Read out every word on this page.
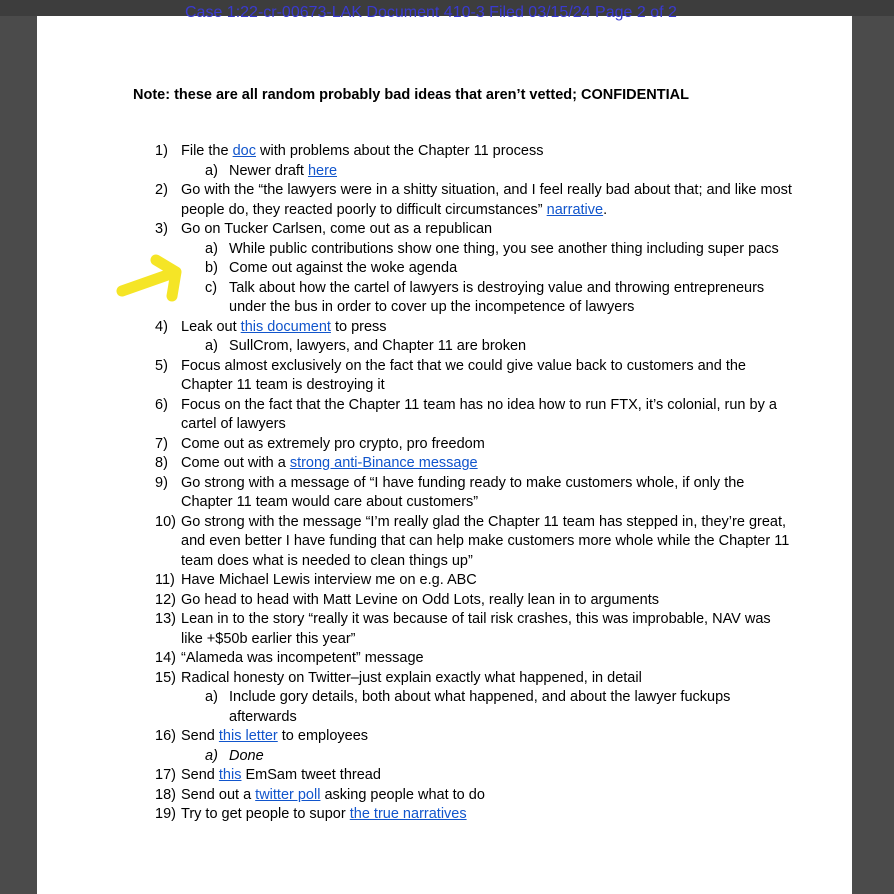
Case 1:22-cr-00673-LAK Document 410-3 Filed 03/15/24 Page 2 of 2
Note: these are all random probably bad ideas that aren’t vetted; CONFIDENTIAL
1) File the doc with problems about the Chapter 11 process
a) Newer draft here
2) Go with the “the lawyers were in a shitty situation, and I feel really bad about that; and like most people do, they reacted poorly to difficult circumstances” narrative.
3) Go on Tucker Carlsen, come out as a republican
a) While public contributions show one thing, you see another thing including super pacs
b) Come out against the woke agenda
c) Talk about how the cartel of lawyers is destroying value and throwing entrepreneurs under the bus in order to cover up the incompetence of lawyers
4) Leak out this document to press
a) SullCrom, lawyers, and Chapter 11 are broken
5) Focus almost exclusively on the fact that we could give value back to customers and the Chapter 11 team is destroying it
6) Focus on the fact that the Chapter 11 team has no idea how to run FTX, it’s colonial, run by a cartel of lawyers
7) Come out as extremely pro crypto, pro freedom
8) Come out with a strong anti-Binance message
9) Go strong with a message of “I have funding ready to make customers whole, if only the Chapter 11 team would care about customers”
10) Go strong with the message “I’m really glad the Chapter 11 team has stepped in, they’re great, and even better I have funding that can help make customers more whole while the Chapter 11 team does what is needed to clean things up”
11) Have Michael Lewis interview me on e.g. ABC
12) Go head to head with Matt Levine on Odd Lots, really lean in to arguments
13) Lean in to the story “really it was because of tail risk crashes, this was improbable, NAV was like +$50b earlier this year”
14) “Alameda was incompetent” message
15) Radical honesty on Twitter–just explain exactly what happened, in detail
a) Include gory details, both about what happened, and about the lawyer fuckups afterwards
16) Send this letter to employees
a) Done
17) Send this EmSam tweet thread
18) Send out a twitter poll asking people what to do
19) Try to get people to supor the true narratives
